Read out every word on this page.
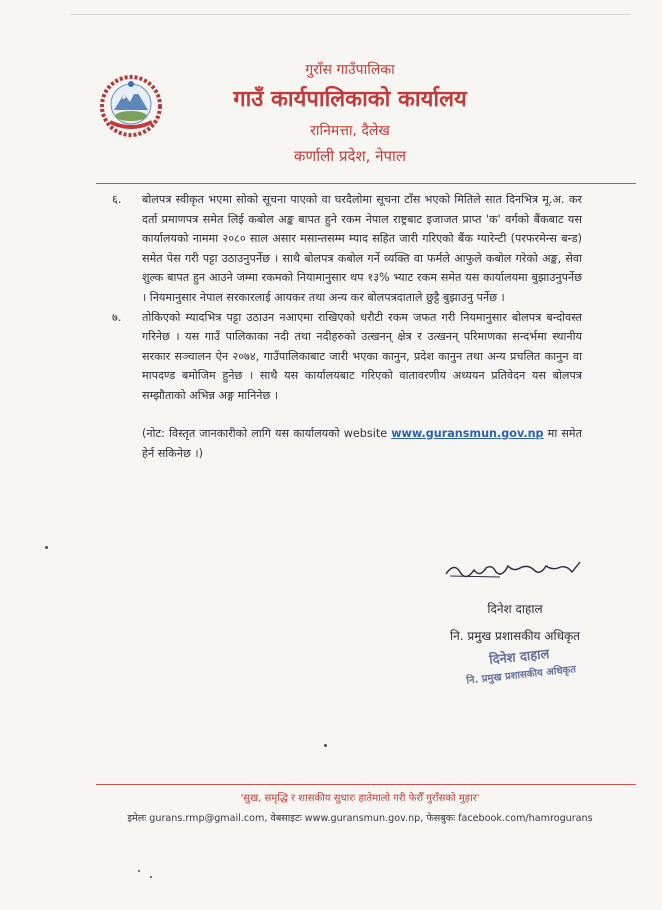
गुराँस गाउँपालिका
गाउँ कार्यपालिकाको कार्यालय
रानिमत्ता, दैलेख
कर्णाली प्रदेश, नेपाल
६. बोलपत्र स्वीकृत भएमा सोको सूचना पाएको वा घरदैलोमा सूचना टाँस भएको मितिले सात दिनभित्र मू.अ. कर दर्ता प्रमाणपत्र समेत लिई कबोल अङ्क बापत हुने रकम नेपाल राष्ट्रबाट इजाजत प्राप्त 'क' वर्गको बैंकबाट यस कार्यालयको नाममा २०८० साल असार मसान्तसम्म म्याद सहित जारी गरिएको बैंक ग्यारेन्टी (परफरमेन्स बन्ड) समेत पेस गरी पट्टा उठाउनुपर्नेछ । साथै बोलपत्र कबोल गर्ने व्यक्ति वा फर्मले आफुले कबोल गरेको अङ्क, सेवा शुल्क बापत हुन आउने जम्मा रकमको नियामानुसार थप १३% भ्याट रकम समेत यस कार्यालयमा बुझाउनुपर्नेछ । नियमानुसार नेपाल सरकारलाई आयकर तथा अन्य कर बोलपत्रदाताले छुट्टै बुझाउनु पर्नेछ ।
७. तोकिएको म्यादभित्र पट्टा उठाउन नआएमा राखिएको धरौटी रकम जफत गरी नियमानुसार बोलपत्र बन्दोवस्त गरिनेछ । यस गाउँ पालिकाका नदी तथा नदीहरुको उत्खनन् क्षेत्र र उत्खनन् परिमाणका सन्दर्भमा स्थानीय सरकार सञ्चालन ऐन २०७४, गाउँपालिकाबाट जारी भएका कानुन, प्रदेश कानुन तथा अन्य प्रचलित कानुन वा मापदण्ड बमोजिम हुनेछ । साथै यस कार्यालयबाट गरिएको वातावरणीय अध्ययन प्रतिवेदन यस बोलपत्र सम्झौताको अभिन्न अङ्ग मानिनेछ ।
(नोट: विस्तृत जानकारीको लागि यस कार्यालयको website www.guransmun.gov.np मा समेत हेर्न सकिनेछ ।)
दिनेश दाहाल
नि. प्रमुख प्रशासकीय अधिकृत
दिनेश दाहाल
नि. प्रमुख प्रशासकीय अधिकृत
'सुख, समृद्धि र शासकीय सुधारः हातेमालो गरी फेरौँ गुराँसको मुहार'
इमेलः gurans.rmp@gmail.com, वेबसाइटः www.guransmun.gov.np, फेसबुकः facebook.com/hamrogurans
